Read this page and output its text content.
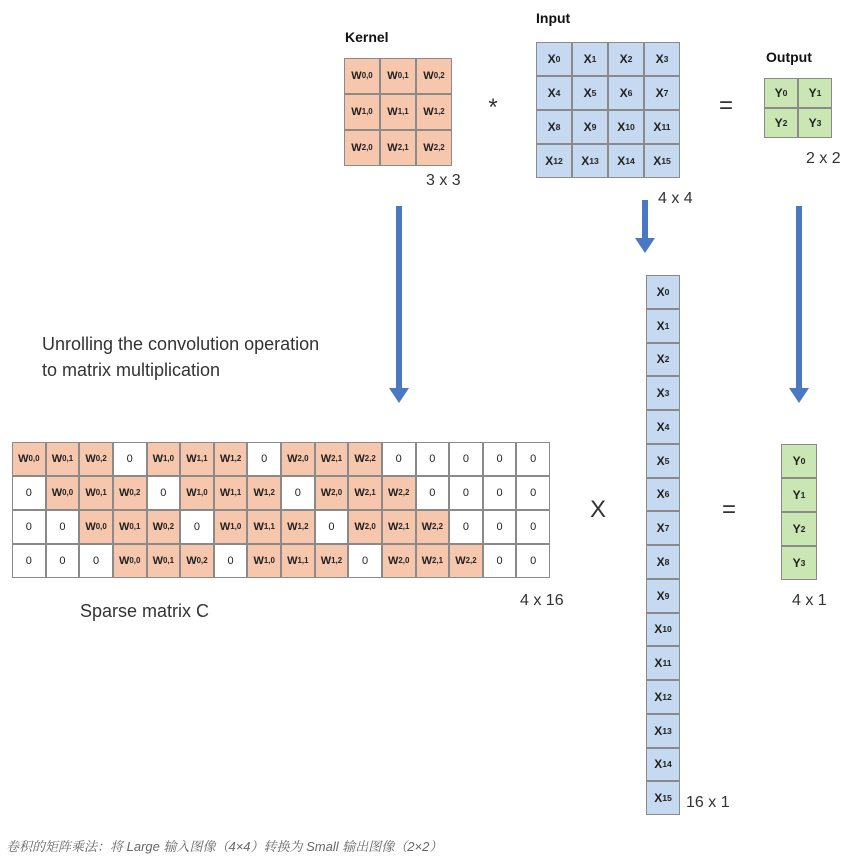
Kernel
W 0,0 W 0,1 W 0,2
W 1,0 W 1,1 W 1,2
W 2,0 W 2,1 W 2,2
3 x 3
*
Input
X 0 X 1 X 2 X 3
X 4 X 5 X 6 X 7
X 8 X 9 X 10 X 11
X 12 X 13 X 14 X 15
4 x 4
=
Output
Y 0 Y 1
Y 2 Y 3
2 x 2
Unrolling the convolution operation
to matrix multiplication
W 0,0 W 0,1 W 0,2 0 W 1,0 W 1,1 W 1,2 0 W 2,0 W 2,1 W 2,2 0	0	0	0	0
0 W 0,0 W 0,1 W 0,2 0 W 1,0 W 1,1 W 1,2 0 W 2,0 W 2,1 W 2,2 0	0	0	0
0	0 W 0,0 W 0,1 W 0,2 0 W 1,0 W 1,1 W 1,2 0 W 2,0 W 2,1 W 2,2 0	0	0
0	0	0 W 0,0 W 0,1 W 0,2 0 W 1,0 W 1,1 W 1,2 0 W 2,0 W 2,1 W 2,2 0	0
Sparse matrix C
4 x 16
X
X 0
X 1
X 2
X 3
X 4
X 5
X 6
X 7
X 8
X 9
X 10
X 11
X 12
X 13
X 14
X 15 16 x 1
=
Y 0
Y 1
Y 2
Y 3
4 x 1
卷积的矩阵乘法：将 Large 输入图像（4×4）转换为 Small 输出图像（2×2）
